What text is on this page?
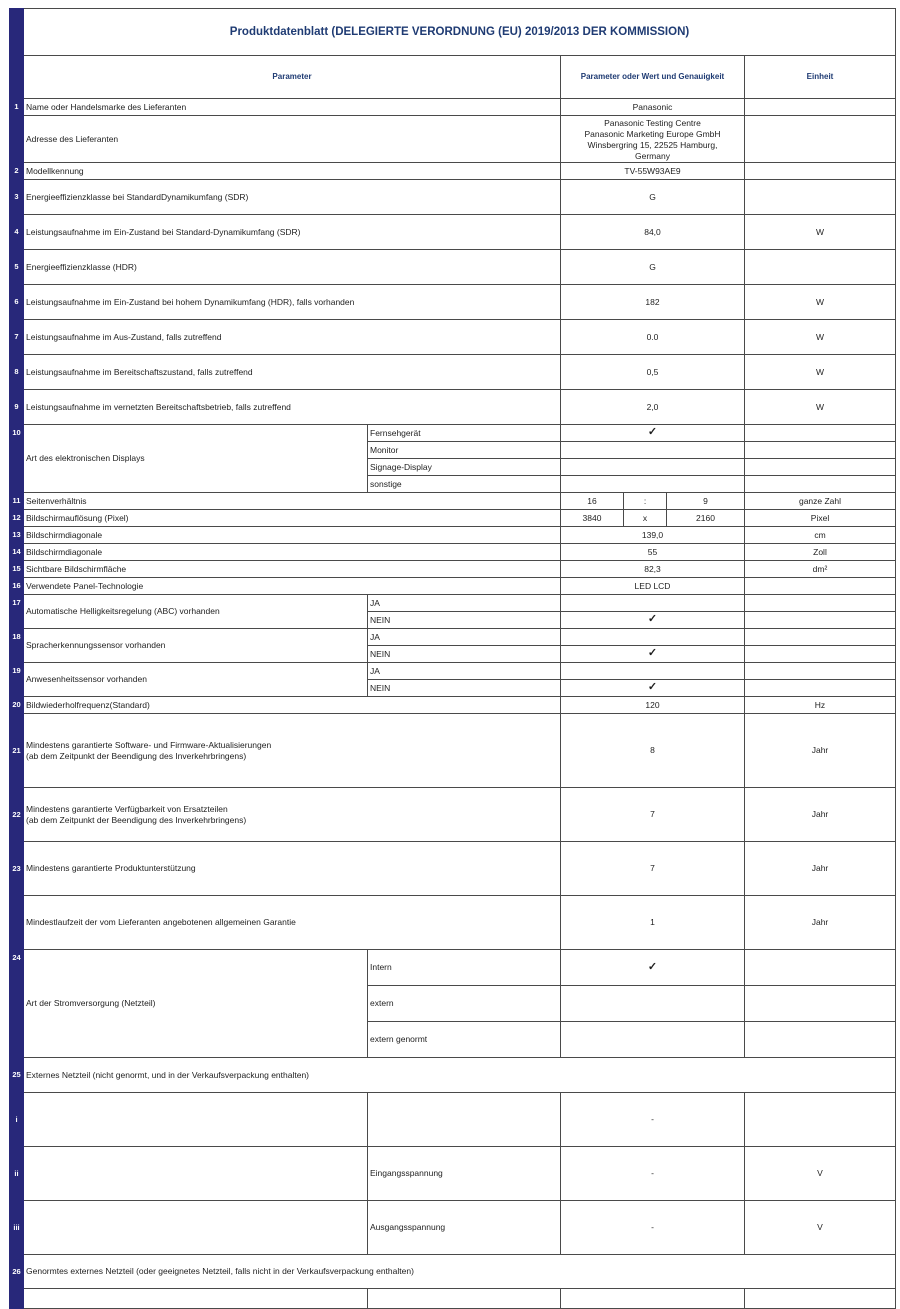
	Produktdatenblatt (DELEGIERTE VERORDNUNG (EU) 2019/2013 DER KOMMISSION)					
	Parameter		Parameter oder Wert und Genauigkeit			Einheit
1	Name oder Handelsmarke des Lieferanten		Panasonic			
	Adresse des Lieferanten		Panasonic Testing Centre
Panasonic Marketing Europe GmbH
Winsbergring 15, 22525 Hamburg,
Germany			

2	Modellkennung		TV-55W93AE9			
3	Energieeffizienzklasse bei StandardDynamikumfang (SDR)		G			
4	Leistungsaufnahme im Ein-Zustand bei Standard-Dynamikumfang (SDR)		84,0			W
5	Energieeffizienzklasse (HDR)		G			
6	Leistungsaufnahme im Ein-Zustand bei hohem Dynamikumfang (HDR), falls vorhanden		182			W
7	Leistungsaufnahme im Aus-Zustand, falls zutreffend		0.0			W
8	Leistungsaufnahme im Bereitschaftszustand, falls zutreffend		0,5			W
9	Leistungsaufnahme im vernetzten Bereitschaftsbetrieb, falls zutreffend		2,0			W
10	Art des elektronischen Displays	Fernsehgerät	✓			
		Monitor				
		Signage-Display				
		sonstige				
11	Seitenverhältnis		16	:	9	ganze Zahl
12	Bildschirmauflösung (Pixel)		3840	x	2160	Pixel
13	Bildschirmdiagonale		139,0			cm
14	Bildschirmdiagonale		55			Zoll
15	Sichtbare Bildschirmfläche		82,3			dm²
16	Verwendete Panel-Technologie		LED LCD			
17	Automatische Helligkeitsregelung (ABC) vorhanden	JA				
		NEIN	✓			
18	Spracherkennungssensor vorhanden	JA				
		NEIN	✓			
19	Anwesenheitssensor vorhanden	JA				
		NEIN	✓			
20	Bildwiederholfrequenz(Standard)		120			Hz
21	Mindestens garantierte Software- und Firmware-Aktualisierungen
(ab dem Zeitpunkt der Beendigung des Inverkehrbringens)		8			Jahr
22	Mindestens garantierte Verfügbarkeit von Ersatzteilen
(ab dem Zeitpunkt der Beendigung des Inverkehrbringens)		7			Jahr
23	Mindestens garantierte Produktunterstützung		7			Jahr
	Mindestlaufzeit der vom Lieferanten angebotenen allgemeinen Garantie		1			Jahr
24	Art der Stromversorgung (Netzteil)	Intern	✓			
		extern				
		extern genormt				
25	Externes Netzteil (nicht genormt, und in der Verkaufsverpackung enthalten)					
i			-			
ii		Eingangsspannung	-			V
iii		Ausgangsspannung	-			V
26	Genormtes externes Netzteil (oder geeignetes Netzteil, falls nicht in der Verkaufsverpackung enthalten)					
